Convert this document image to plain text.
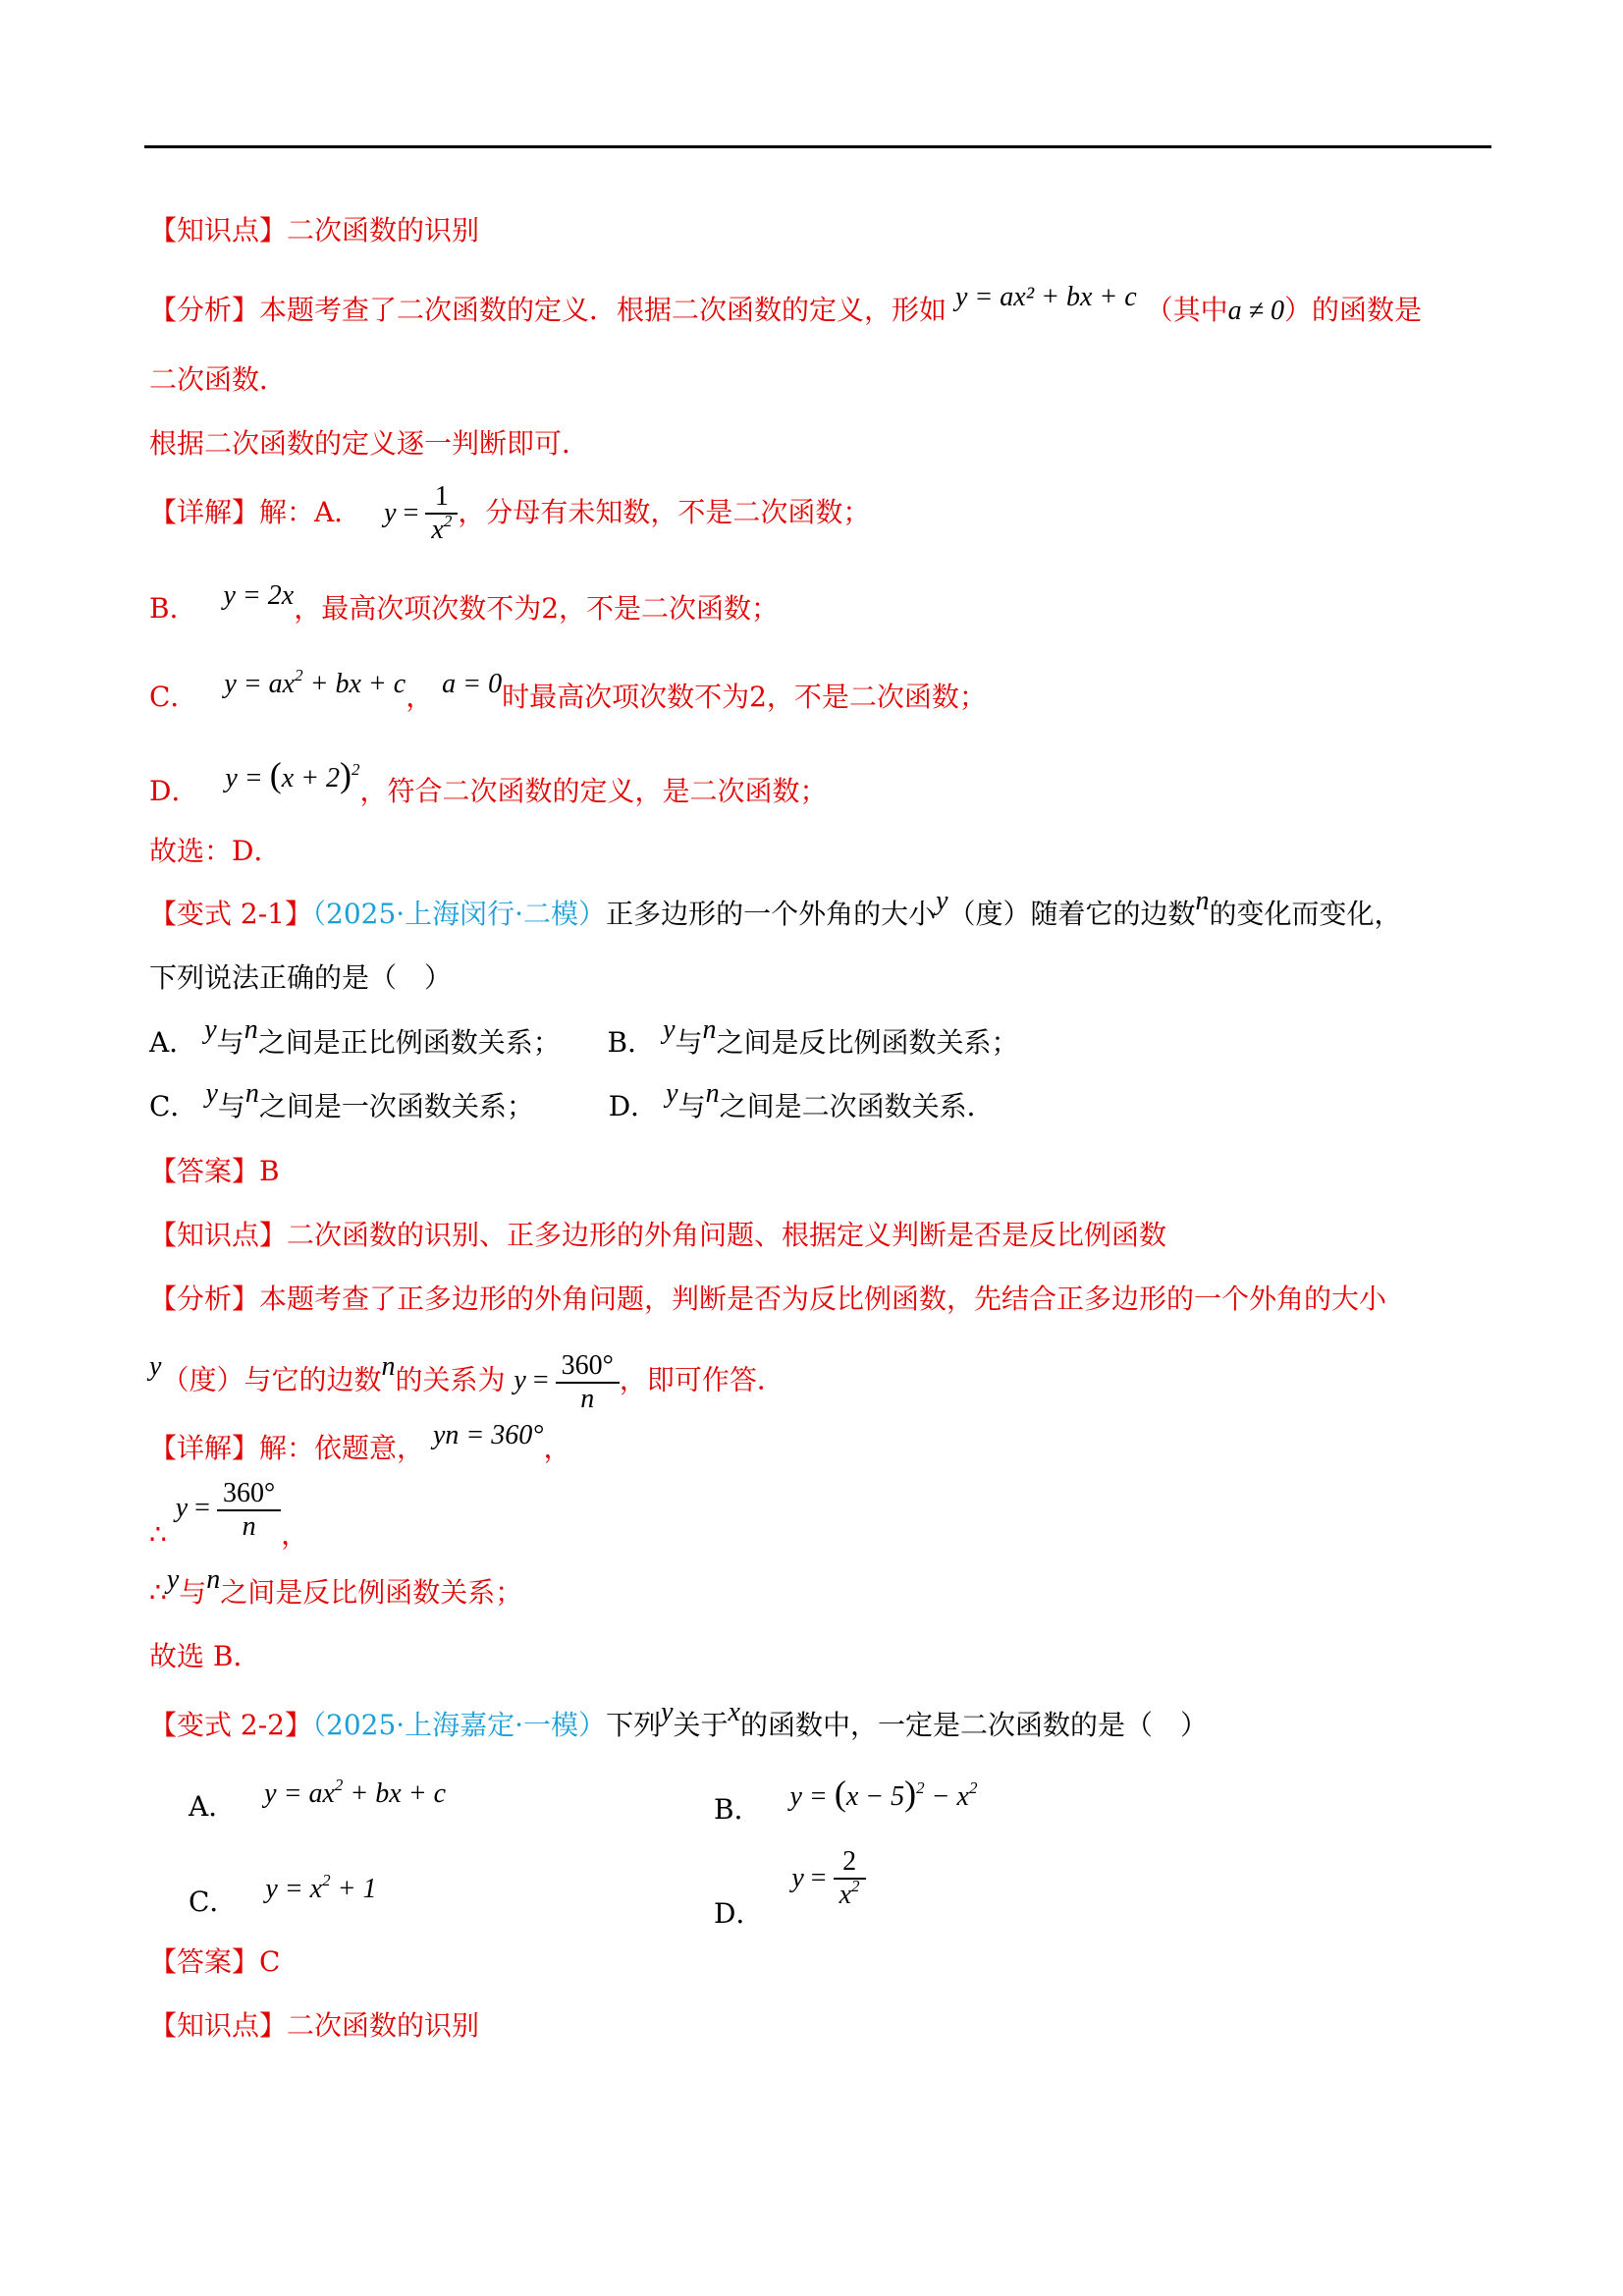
【知识点】二次函数的识别
【分析】本题考查了二次函数的定义．根据二次函数的定义，形如 y = ax² + bx + c （其中a ≠ 0）的函数是
二次函数．
根据二次函数的定义逐一判断即可．
【详解】解：A． $y = \frac{1}{x^2}$ ，分母有未知数，不是二次函数；
B． y = 2x，最高次项次数不为2，不是二次函数；
C． $y = ax^2$ + bx + c， a = 0时最高次项次数不为2，不是二次函数；
D． $y = (x + 2)^2$，符合二次函数的定义，是二次函数；
故选：D．
【变式 2-1】（2025·上海闵行·二模）正多边形的一个外角的大小y（度）随着它的边数n的变化而变化，
下列说法正确的是（　）
A． y与n之间是正比例函数关系； B． y与n之间是反比例函数关系；
C． y与n之间是一次函数关系；	D． y与n之间是二次函数关系．
【答案】B
【知识点】二次函数的识别、正多边形的外角问题、根据定义判断是否是反比例函数
【分析】本题考查了正多边形的外角问题，判断是否为反比例函数，先结合正多边形的一个外角的大小
y（度）与它的边数n的关系为 $y = \frac{360^\circ}{n}$ ，即可作答．
【详解】解：依题意， yn = 360°，
∴ $y = \frac{360^\circ}{n}$ ，
∴y与n之间是反比例函数关系；
故选 B．
【变式 2-2】（2025·上海嘉定·一模）下列y关于x的函数中，一定是二次函数的是（　）
A． $y = ax^2$ + bx + c	B． $y = (x - 5)^2 - x^2$
C． $y = x^2 + 1$
D． $y = \frac{2}{x^2}$
【答案】C
【知识点】二次函数的识别
